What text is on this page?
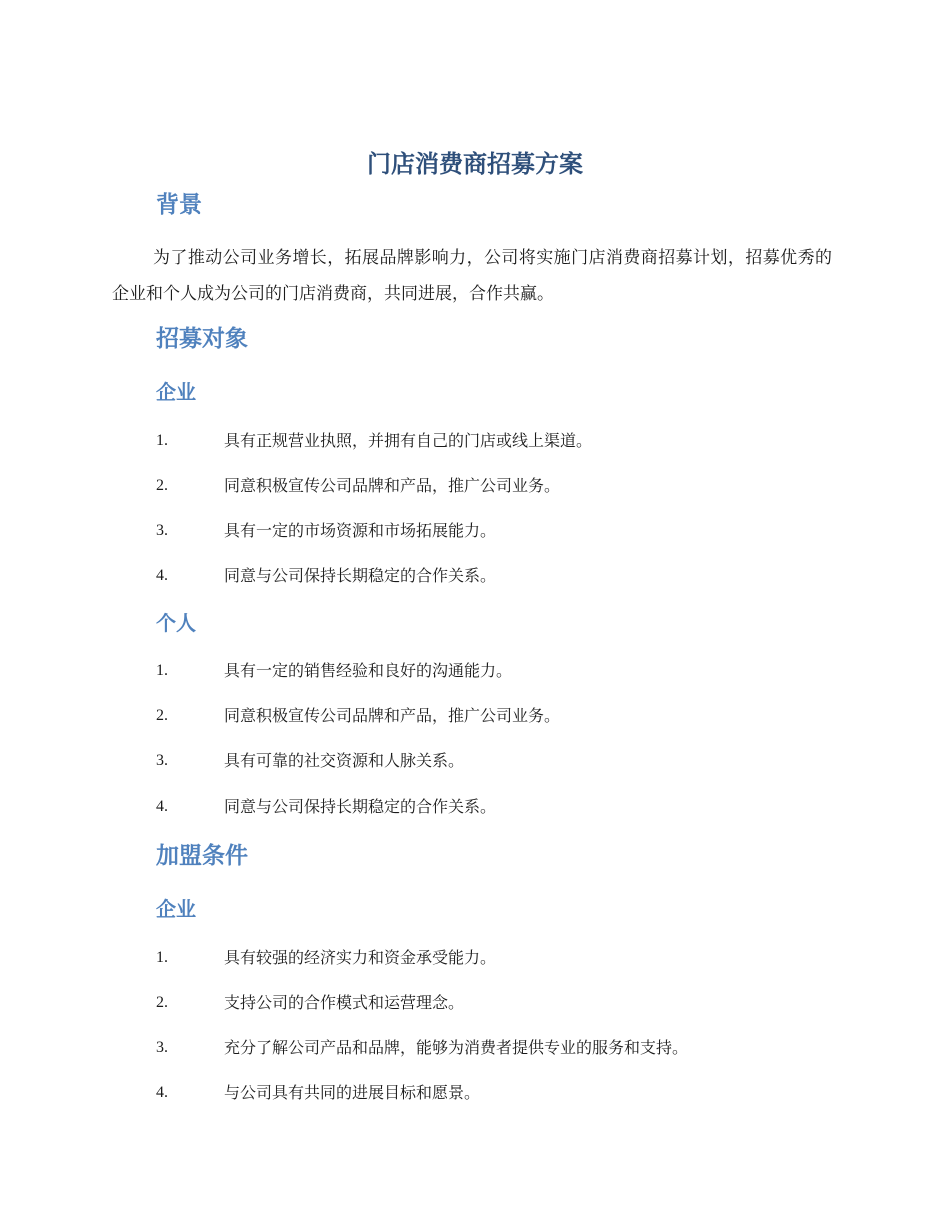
门店消费商招募方案
背景
为了推动公司业务增长，拓展品牌影响力，公司将实施门店消费商招募计划，招募优秀的企业和个人成为公司的门店消费商，共同进展，合作共赢。
招募对象
企业
1.	具有正规营业执照，并拥有自己的门店或线上渠道。
2.	同意积极宣传公司品牌和产品，推广公司业务。
3.	具有一定的市场资源和市场拓展能力。
4.	同意与公司保持长期稳定的合作关系。
个人
1.	具有一定的销售经验和良好的沟通能力。
2.	同意积极宣传公司品牌和产品，推广公司业务。
3.	具有可靠的社交资源和人脉关系。
4.	同意与公司保持长期稳定的合作关系。
加盟条件
企业
1.	具有较强的经济实力和资金承受能力。
2.	支持公司的合作模式和运营理念。
3.	充分了解公司产品和品牌，能够为消费者提供专业的服务和支持。
4.	与公司具有共同的进展目标和愿景。
